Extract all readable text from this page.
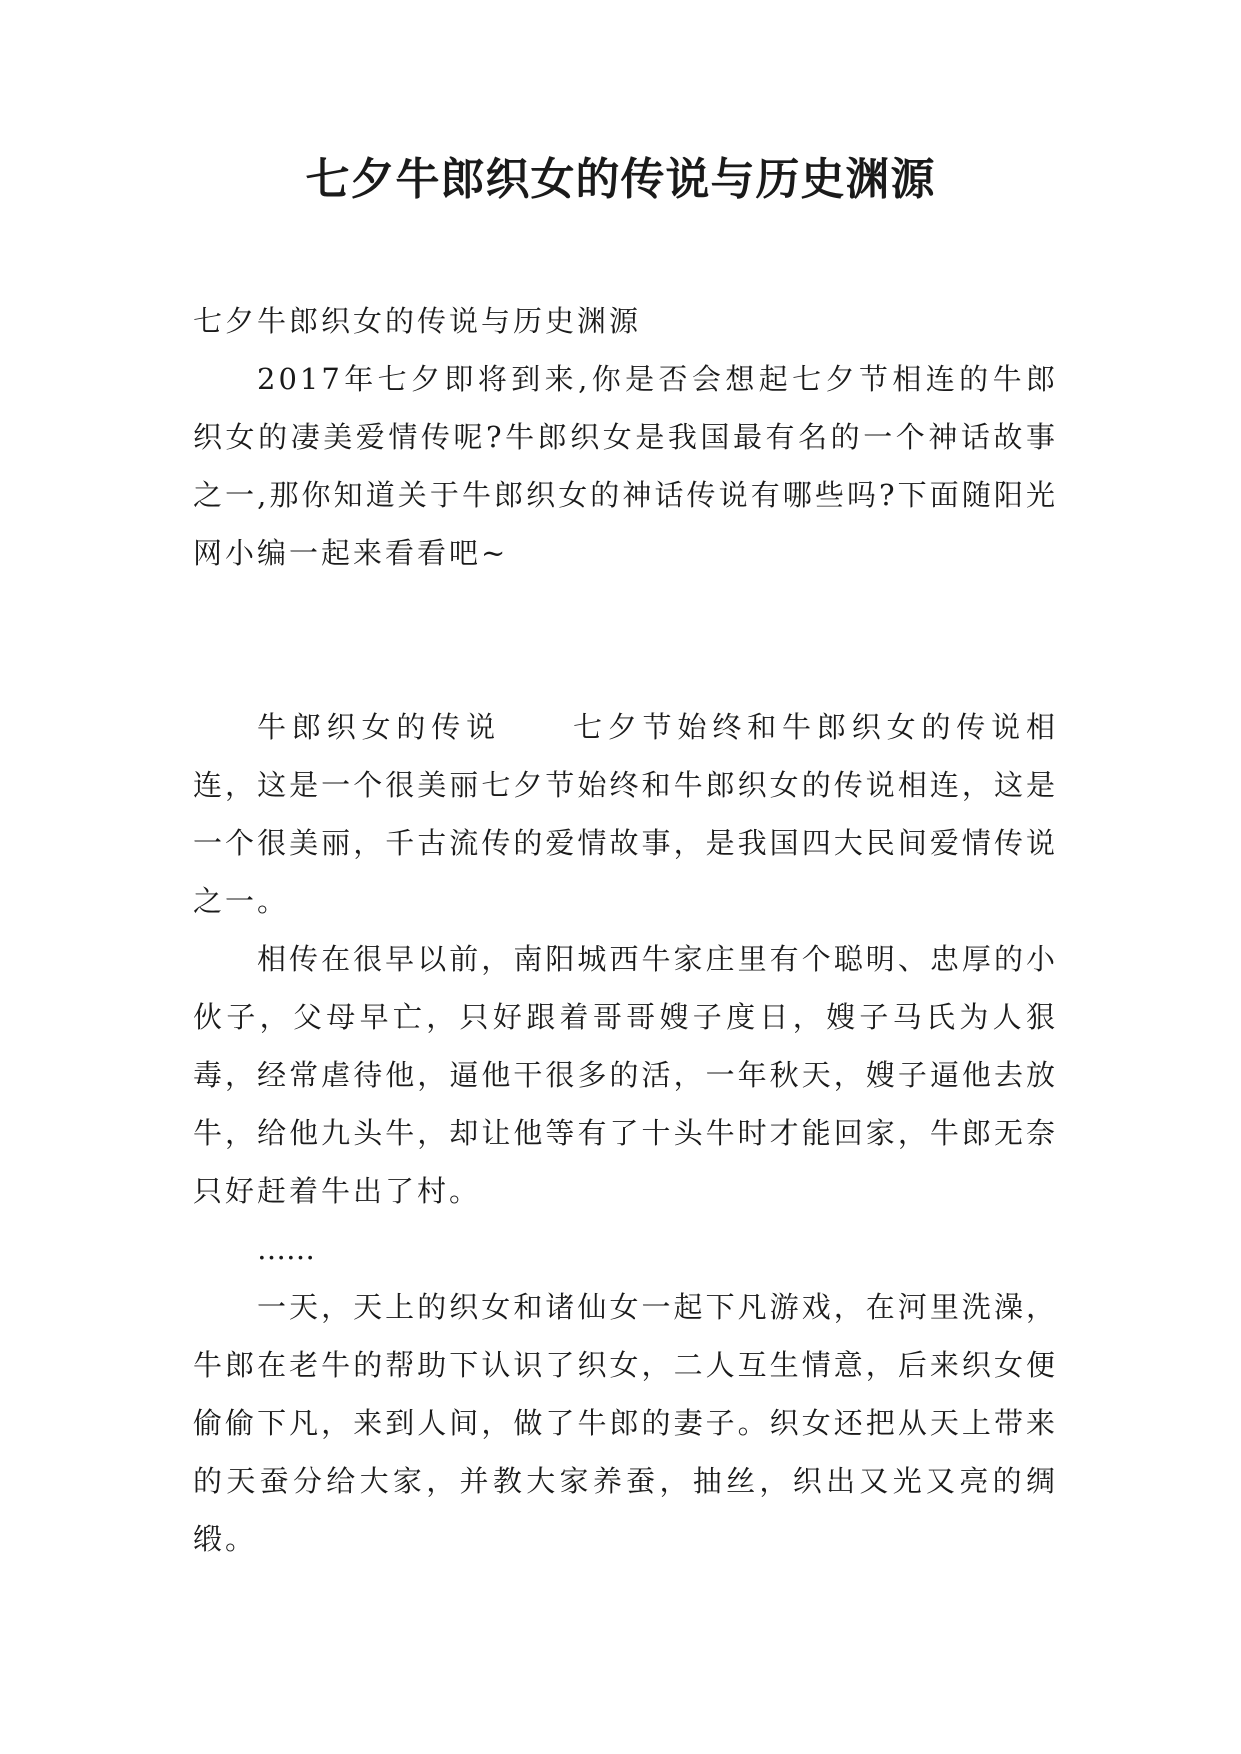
七夕牛郎织女的传说与历史渊源

七夕牛郎织女的传说与历史渊源

2017年七夕即将到来,你是否会想起七夕节相连的牛郎织女的凄美爱情传呢?牛郎织女是我国最有名的一个神话故事之一,那你知道关于牛郎织女的神话传说有哪些吗?下面随阳光网小编一起来看看吧~

牛郎织女的传说 七夕节始终和牛郎织女的传说相连，这是一个很美丽七夕节始终和牛郎织女的传说相连，这是一个很美丽，千古流传的爱情故事，是我国四大民间爱情传说之一。

相传在很早以前，南阳城西牛家庄里有个聪明、忠厚的小伙子，父母早亡，只好跟着哥哥嫂子度日，嫂子马氏为人狠毒，经常虐待他，逼他干很多的活，一年秋天，嫂子逼他去放牛，给他九头牛，却让他等有了十头牛时才能回家，牛郎无奈只好赶着牛出了村。

……

一天，天上的织女和诸仙女一起下凡游戏，在河里洗澡，牛郎在老牛的帮助下认识了织女，二人互生情意，后来织女便偷偷下凡，来到人间，做了牛郎的妻子。织女还把从天上带来的天蚕分给大家，并教大家养蚕，抽丝，织出又光又亮的绸缎。
